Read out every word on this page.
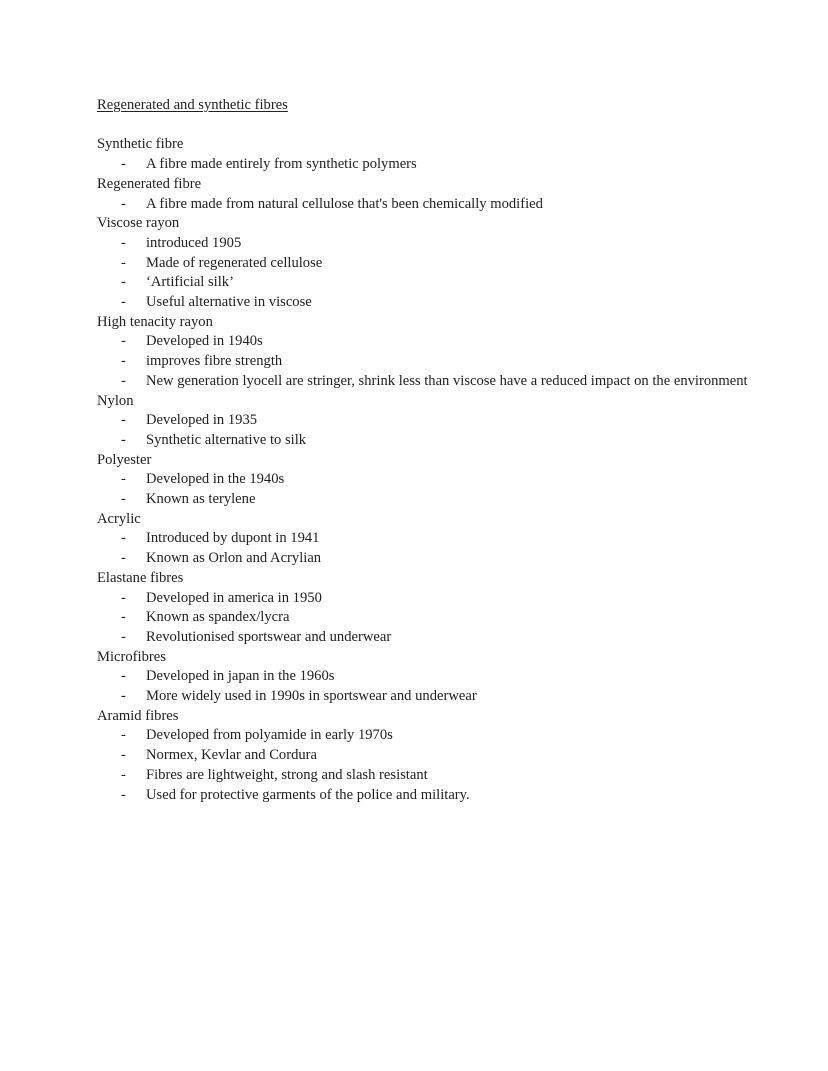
Regenerated and synthetic fibres
Synthetic fibre
- A fibre made entirely from synthetic polymers
Regenerated fibre
- A fibre made from natural cellulose that's been chemically modified
Viscose rayon
- introduced 1905
- Made of regenerated cellulose
- ‘Artificial silk’
- Useful alternative in viscose
High tenacity rayon
- Developed in 1940s
- improves fibre strength
- New generation lyocell are stringer, shrink less than viscose have a reduced impact on the environment
Nylon
- Developed in 1935
- Synthetic alternative to silk
Polyester
- Developed in the 1940s
- Known as terylene
Acrylic
- Introduced by dupont in 1941
- Known as Orlon and Acrylian
Elastane fibres
- Developed in america in 1950
- Known as spandex/lycra
- Revolutionised sportswear and underwear
Microfibres
- Developed in japan in the 1960s
- More widely used in 1990s in sportswear and underwear
Aramid fibres
- Developed from polyamide in early 1970s
- Normex, Kevlar and Cordura
- Fibres are lightweight, strong and slash resistant
- Used for protective garments of the police and military.
